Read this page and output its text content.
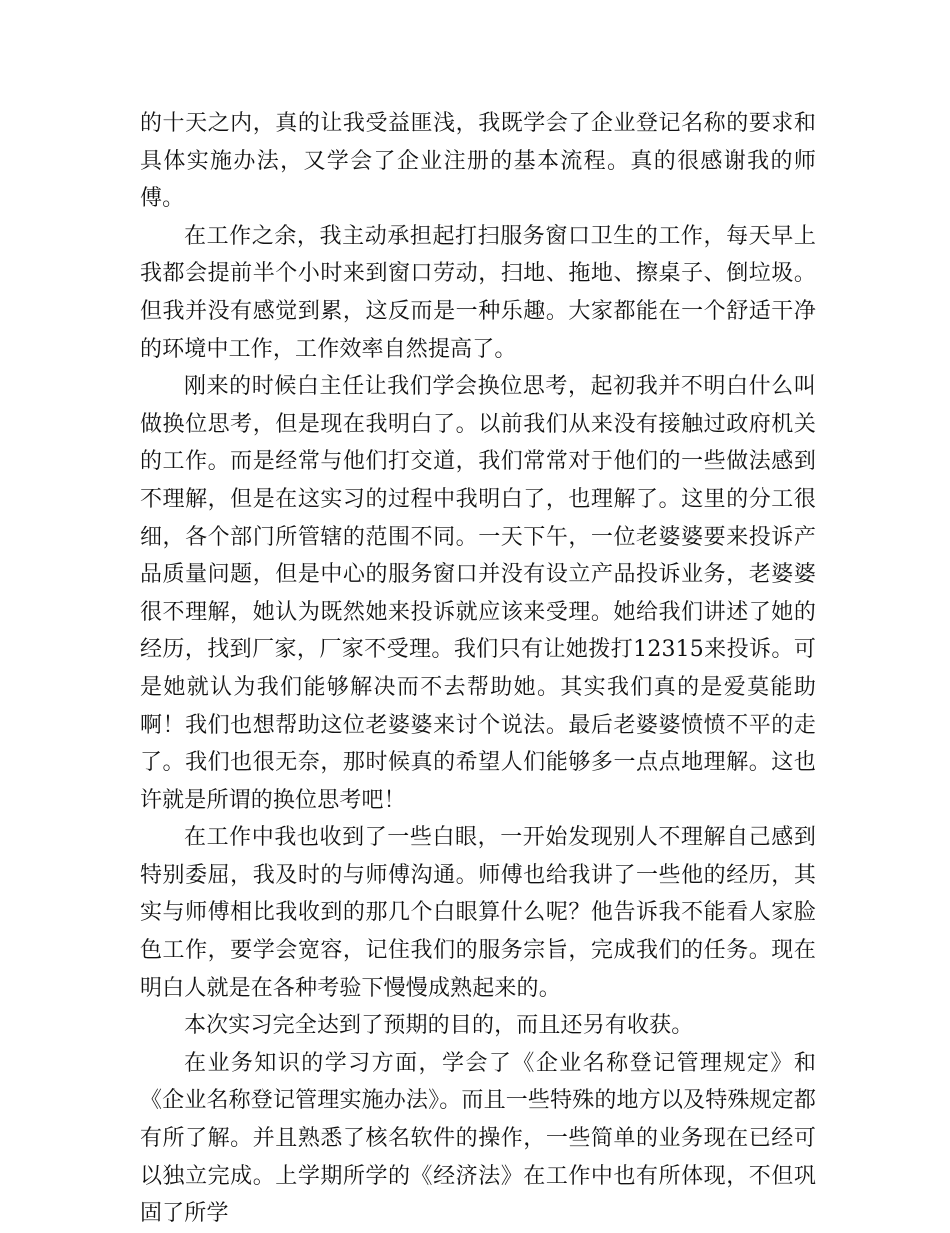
的十天之内，真的让我受益匪浅，我既学会了企业登记名称的要求和具体实施办法，又学会了企业注册的基本流程。真的很感谢我的师傅。

在工作之余，我主动承担起打扫服务窗口卫生的工作，每天早上我都会提前半个小时来到窗口劳动，扫地、拖地、擦桌子、倒垃圾。但我并没有感觉到累，这反而是一种乐趣。大家都能在一个舒适干净的环境中工作，工作效率自然提高了。

刚来的时候白主任让我们学会换位思考，起初我并不明白什么叫做换位思考，但是现在我明白了。以前我们从来没有接触过政府机关的工作。而是经常与他们打交道，我们常常对于他们的一些做法感到不理解，但是在这实习的过程中我明白了，也理解了。这里的分工很细，各个部门所管辖的范围不同。一天下午，一位老婆婆要来投诉产品质量问题，但是中心的服务窗口并没有设立产品投诉业务，老婆婆很不理解，她认为既然她来投诉就应该来受理。她给我们讲述了她的经历，找到厂家，厂家不受理。我们只有让她拨打12315来投诉。可是她就认为我们能够解决而不去帮助她。其实我们真的是爱莫能助啊！我们也想帮助这位老婆婆来讨个说法。最后老婆婆愤愤不平的走了。我们也很无奈，那时候真的希望人们能够多一点点地理解。这也许就是所谓的换位思考吧！

在工作中我也收到了一些白眼，一开始发现别人不理解自己感到特别委屈，我及时的与师傅沟通。师傅也给我讲了一些他的经历，其实与师傅相比我收到的那几个白眼算什么呢？他告诉我不能看人家脸色工作，要学会宽容，记住我们的服务宗旨，完成我们的任务。现在明白人就是在各种考验下慢慢成熟起来的。

本次实习完全达到了预期的目的，而且还另有收获。

在业务知识的学习方面，学会了《企业名称登记管理规定》和《企业名称登记管理实施办法》。而且一些特殊的地方以及特殊规定都有所了解。并且熟悉了核名软件的操作，一些简单的业务现在已经可以独立完成。上学期所学的《经济法》在工作中也有所体现，不但巩固了所学
